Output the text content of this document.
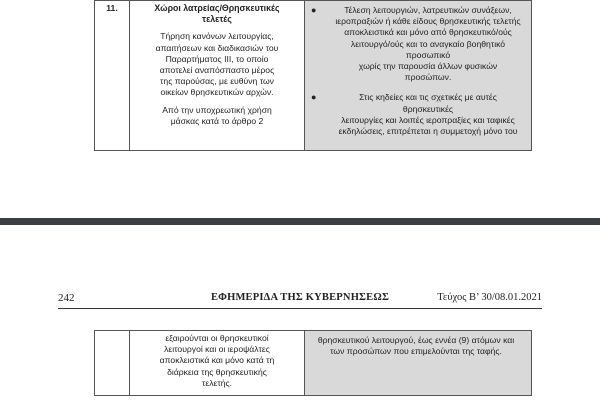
11.	Χώροι λατρείας/Θρησκευτικές
τελετές
Τήρηση κανόνων λειτουργίας,
απαιτήσεων και διαδικασιών του
Παραρτήματος ΙΙΙ, το οποίο
αποτελεί αναπόσπαστο μέρος
της παρούσας, με ευθύνη των
οικείων θρησκευτικών αρχών.
Από την υποχρεωτική χρήση
μάσκας κατά το άρθρο 2

●	Τέλεση λειτουργιών, λατρευτικών συνάξεων,
ιεροπραξιών ή κάθε είδους θρησκευτικής τελετής
αποκλειστικά και μόνο από θρησκευτικό/ούς
λειτουργό/ούς και το αναγκαίο βοηθητικό προσωπικό
χωρίς την παρουσία άλλων φυσικών προσώπων.
●	Στις κηδείες και τις σχετικές με αυτές θρησκευτικές
λειτουργίες και λοιπές ιεροπραξίες και ταφικές
εκδηλώσεις, επιτρέπεται η συμμετοχή μόνο του
ΕΦΗΜΕΡΙΔΑ ΤΗΣ ΚΥΒΕΡΝΗΣΕΩΣ
242	Τεύχος B’ 30/08.01.2021

εξαιρούνται οι θρησκευτικοί
λειτουργοί και οι ιεροψάλτες
αποκλειστικά και μόνο κατά τη
διάρκεια της θρησκευτικής
τελετής.

θρησκευτικού λειτουργού, έως εννέα (9) ατόμων και
των προσώπων που επιμελούνται της ταφής.
